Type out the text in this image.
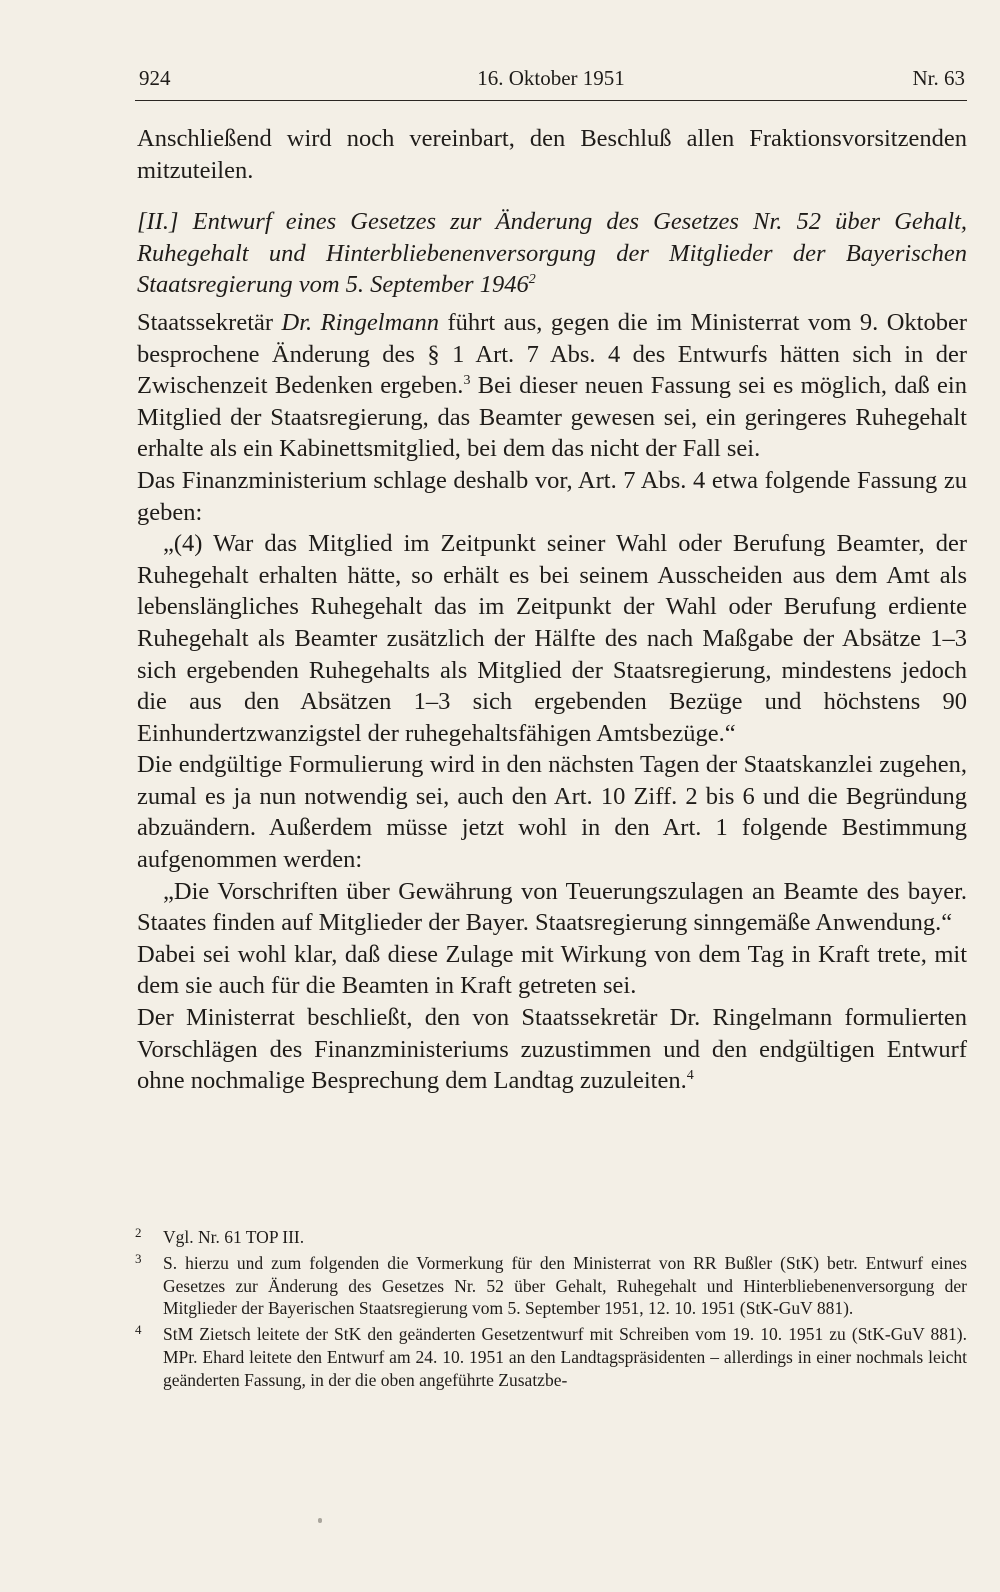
924	16. Oktober 1951	Nr. 63

Anschließend wird noch vereinbart, den Beschluß allen Fraktionsvorsitzenden mitzuteilen.

[II.] Entwurf eines Gesetzes zur Änderung des Gesetzes Nr. 52 über Gehalt, Ruhegehalt und Hinterbliebenenversorgung der Mitglieder der Bayerischen Staatsregierung vom 5. September 1946$^2$

Staatssekretär Dr. Ringelmann führt aus, gegen die im Ministerrat vom 9. Oktober besprochene Änderung des § 1 Art. 7 Abs. 4 des Entwurfs hätten sich in der Zwischenzeit Bedenken ergeben.$^3$ Bei dieser neuen Fassung sei es möglich, daß ein Mitglied der Staatsregierung, das Beamter gewesen sei, ein geringeres Ruhegehalt erhalte als ein Kabinettsmitglied, bei dem das nicht der Fall sei.

Das Finanzministerium schlage deshalb vor, Art. 7 Abs. 4 etwa folgende Fassung zu geben:

„(4) War das Mitglied im Zeitpunkt seiner Wahl oder Berufung Beamter, der Ruhegehalt erhalten hätte, so erhält es bei seinem Ausscheiden aus dem Amt als lebenslängliches Ruhegehalt das im Zeitpunkt der Wahl oder Berufung erdiente Ruhegehalt als Beamter zusätzlich der Hälfte des nach Maßgabe der Absätze 1–3 sich ergebenden Ruhegehalts als Mitglied der Staatsregierung, mindestens jedoch die aus den Absätzen 1–3 sich ergebenden Bezüge und höchstens 90 Einhundertzwanzigstel der ruhegehaltsfähigen Amtsbezüge.“

Die endgültige Formulierung wird in den nächsten Tagen der Staatskanzlei zugehen, zumal es ja nun notwendig sei, auch den Art. 10 Ziff. 2 bis 6 und die Begründung abzuändern. Außerdem müsse jetzt wohl in den Art. 1 folgende Bestimmung aufgenommen werden:

„Die Vorschriften über Gewährung von Teuerungszulagen an Beamte des bayer. Staates finden auf Mitglieder der Bayer. Staatsregierung sinngemäße Anwendung.“

Dabei sei wohl klar, daß diese Zulage mit Wirkung von dem Tag in Kraft trete, mit dem sie auch für die Beamten in Kraft getreten sei.

Der Ministerrat beschließt, den von Staatssekretär Dr. Ringelmann formulierten Vorschlägen des Finanzministeriums zuzustimmen und den endgültigen Entwurf ohne nochmalige Besprechung dem Landtag zuzuleiten.$^4$

2 Vgl. Nr. 61 TOP III.
3 S. hierzu und zum folgenden die Vormerkung für den Ministerrat von RR Bußler (StK) betr. Entwurf eines Gesetzes zur Änderung des Gesetzes Nr. 52 über Gehalt, Ruhegehalt und Hinterbliebenenversorgung der Mitglieder der Bayerischen Staatsregierung vom 5. September 1951, 12. 10. 1951 (StK-GuV 881).
4 StM Zietsch leitete der StK den geänderten Gesetzentwurf mit Schreiben vom 19. 10. 1951 zu (StK-GuV 881). MPr. Ehard leitete den Entwurf am 24. 10. 1951 an den Landtagspräsidenten – allerdings in einer nochmals leicht geänderten Fassung, in der die oben angeführte Zusatzbe-
